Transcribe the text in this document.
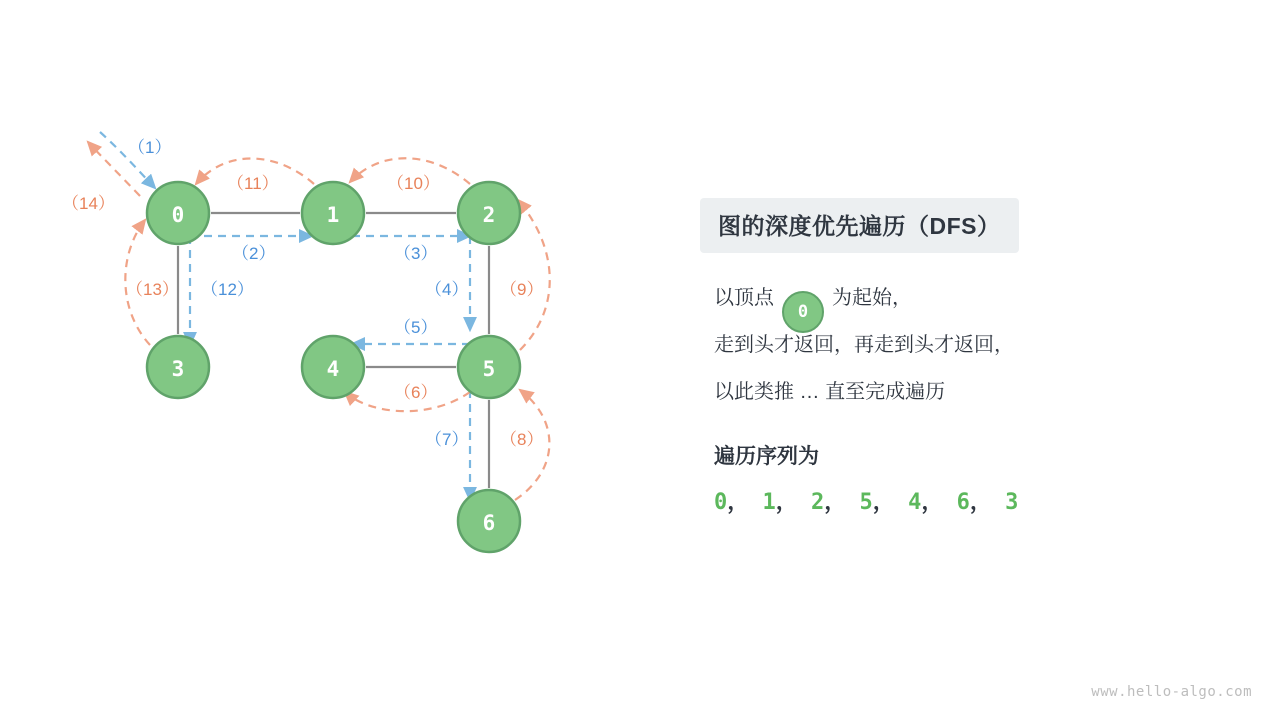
（1）
（2）	（3）
（4）
（5）
（6）
（7） （8）
（9）
（10）
（11）
（12）
（13）
（14）	0	1	2
3	4	5
6
图的深度优先遍历（DFS）
以顶点0为起始，
走到头才返回，再走到头才返回，
以此类推 … 直至完成遍历
遍历序列为
0， 1， 2， 5， 4， 6， 3
www.hello-algo.com
